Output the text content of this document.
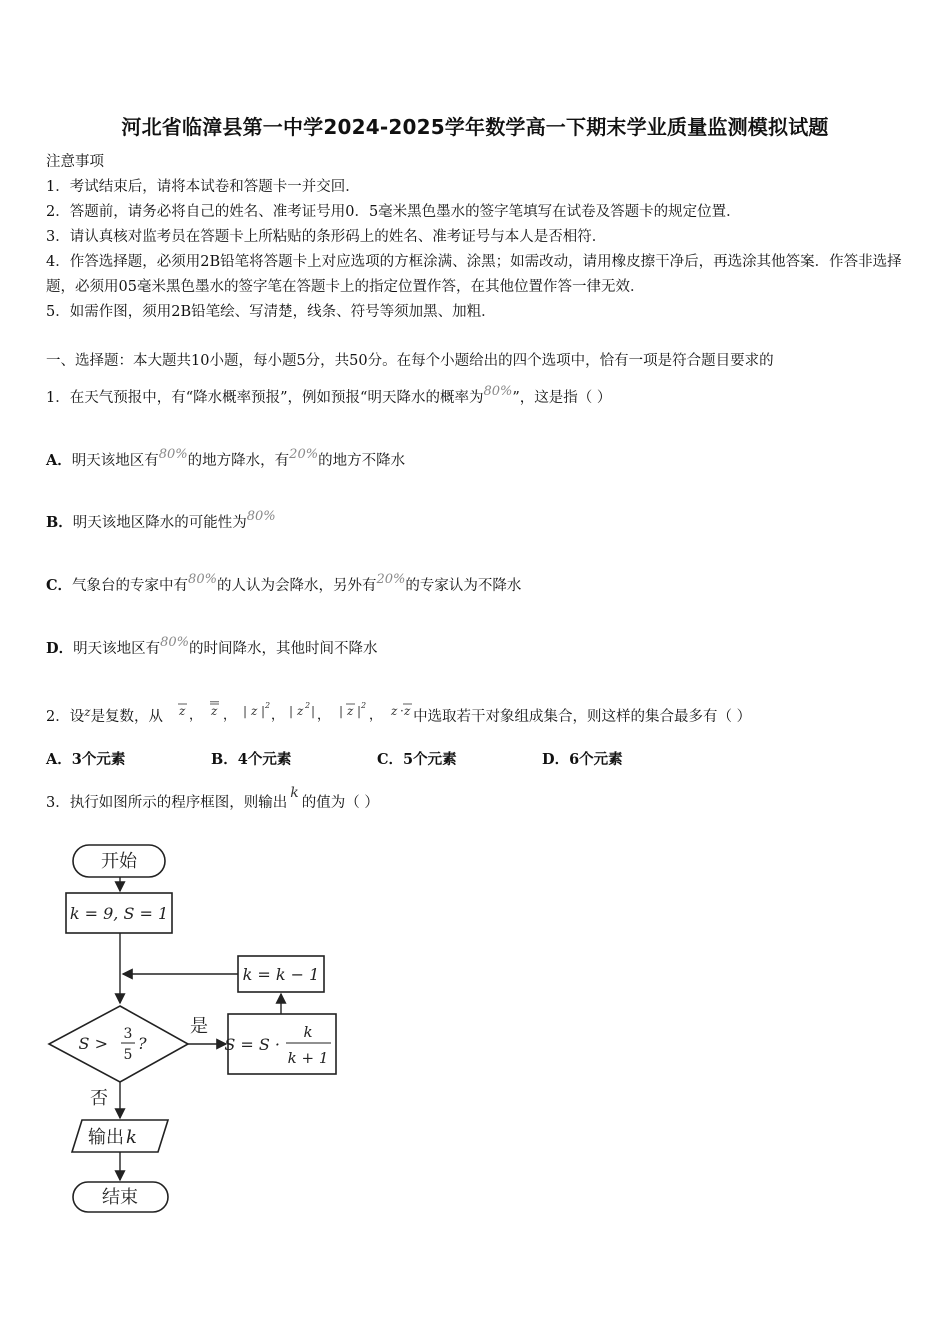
河北省临漳县第一中学2024-2025学年数学高一下期末学业质量监测模拟试题
注意事项
1．考试结束后，请将本试卷和答题卡一并交回．
2．答题前，请务必将自己的姓名、准考证号用0．5毫米黑色墨水的签字笔填写在试卷及答题卡的规定位置．
3．请认真核对监考员在答题卡上所粘贴的条形码上的姓名、准考证号与本人是否相符．
4．作答选择题，必须用2B铅笔将答题卡上对应选项的方框涂满、涂黑；如需改动，请用橡皮擦干净后，再选涂其他答案．作答非选择题，必须用05毫米黑色墨水的签字笔在答题卡上的指定位置作答，在其他位置作答一律无效．
5．如需作图，须用2B铅笔绘、写清楚，线条、符号等须加黑、加粗．
一、选择题：本大题共10小题，每小题5分，共50分。在每个小题给出的四个选项中，恰有一项是符合题目要求的
1．在天气预报中，有“降水概率预报”，例如预报“明天降水的概率为80%”，这是指（ ）
A．明天该地区有80%的地方降水，有20%的地方不降水
B．明天该地区降水的可能性为80%
C．气象台的专家中有80%的人认为会降水，另外有20%的专家认为不降水
D．明天该地区有80%的时间降水，其他时间不降水
2．设$^z$是复数，从 z ， z ， | z | 2
， | z 2 | ， | z | 2
， z · z 中选取若干对象组成集合，则这样的集合最多有（ ）
A．3个元素	B．4个元素	C．5个元素	D．6个元素
3．执行如图所示的程序框图，则输出k的值为（ ）
开始
k = 9, S = 1
k = k − 1
S > 3
5
?
是
S = S ·
k
k + 1
否
输出 k
结束
